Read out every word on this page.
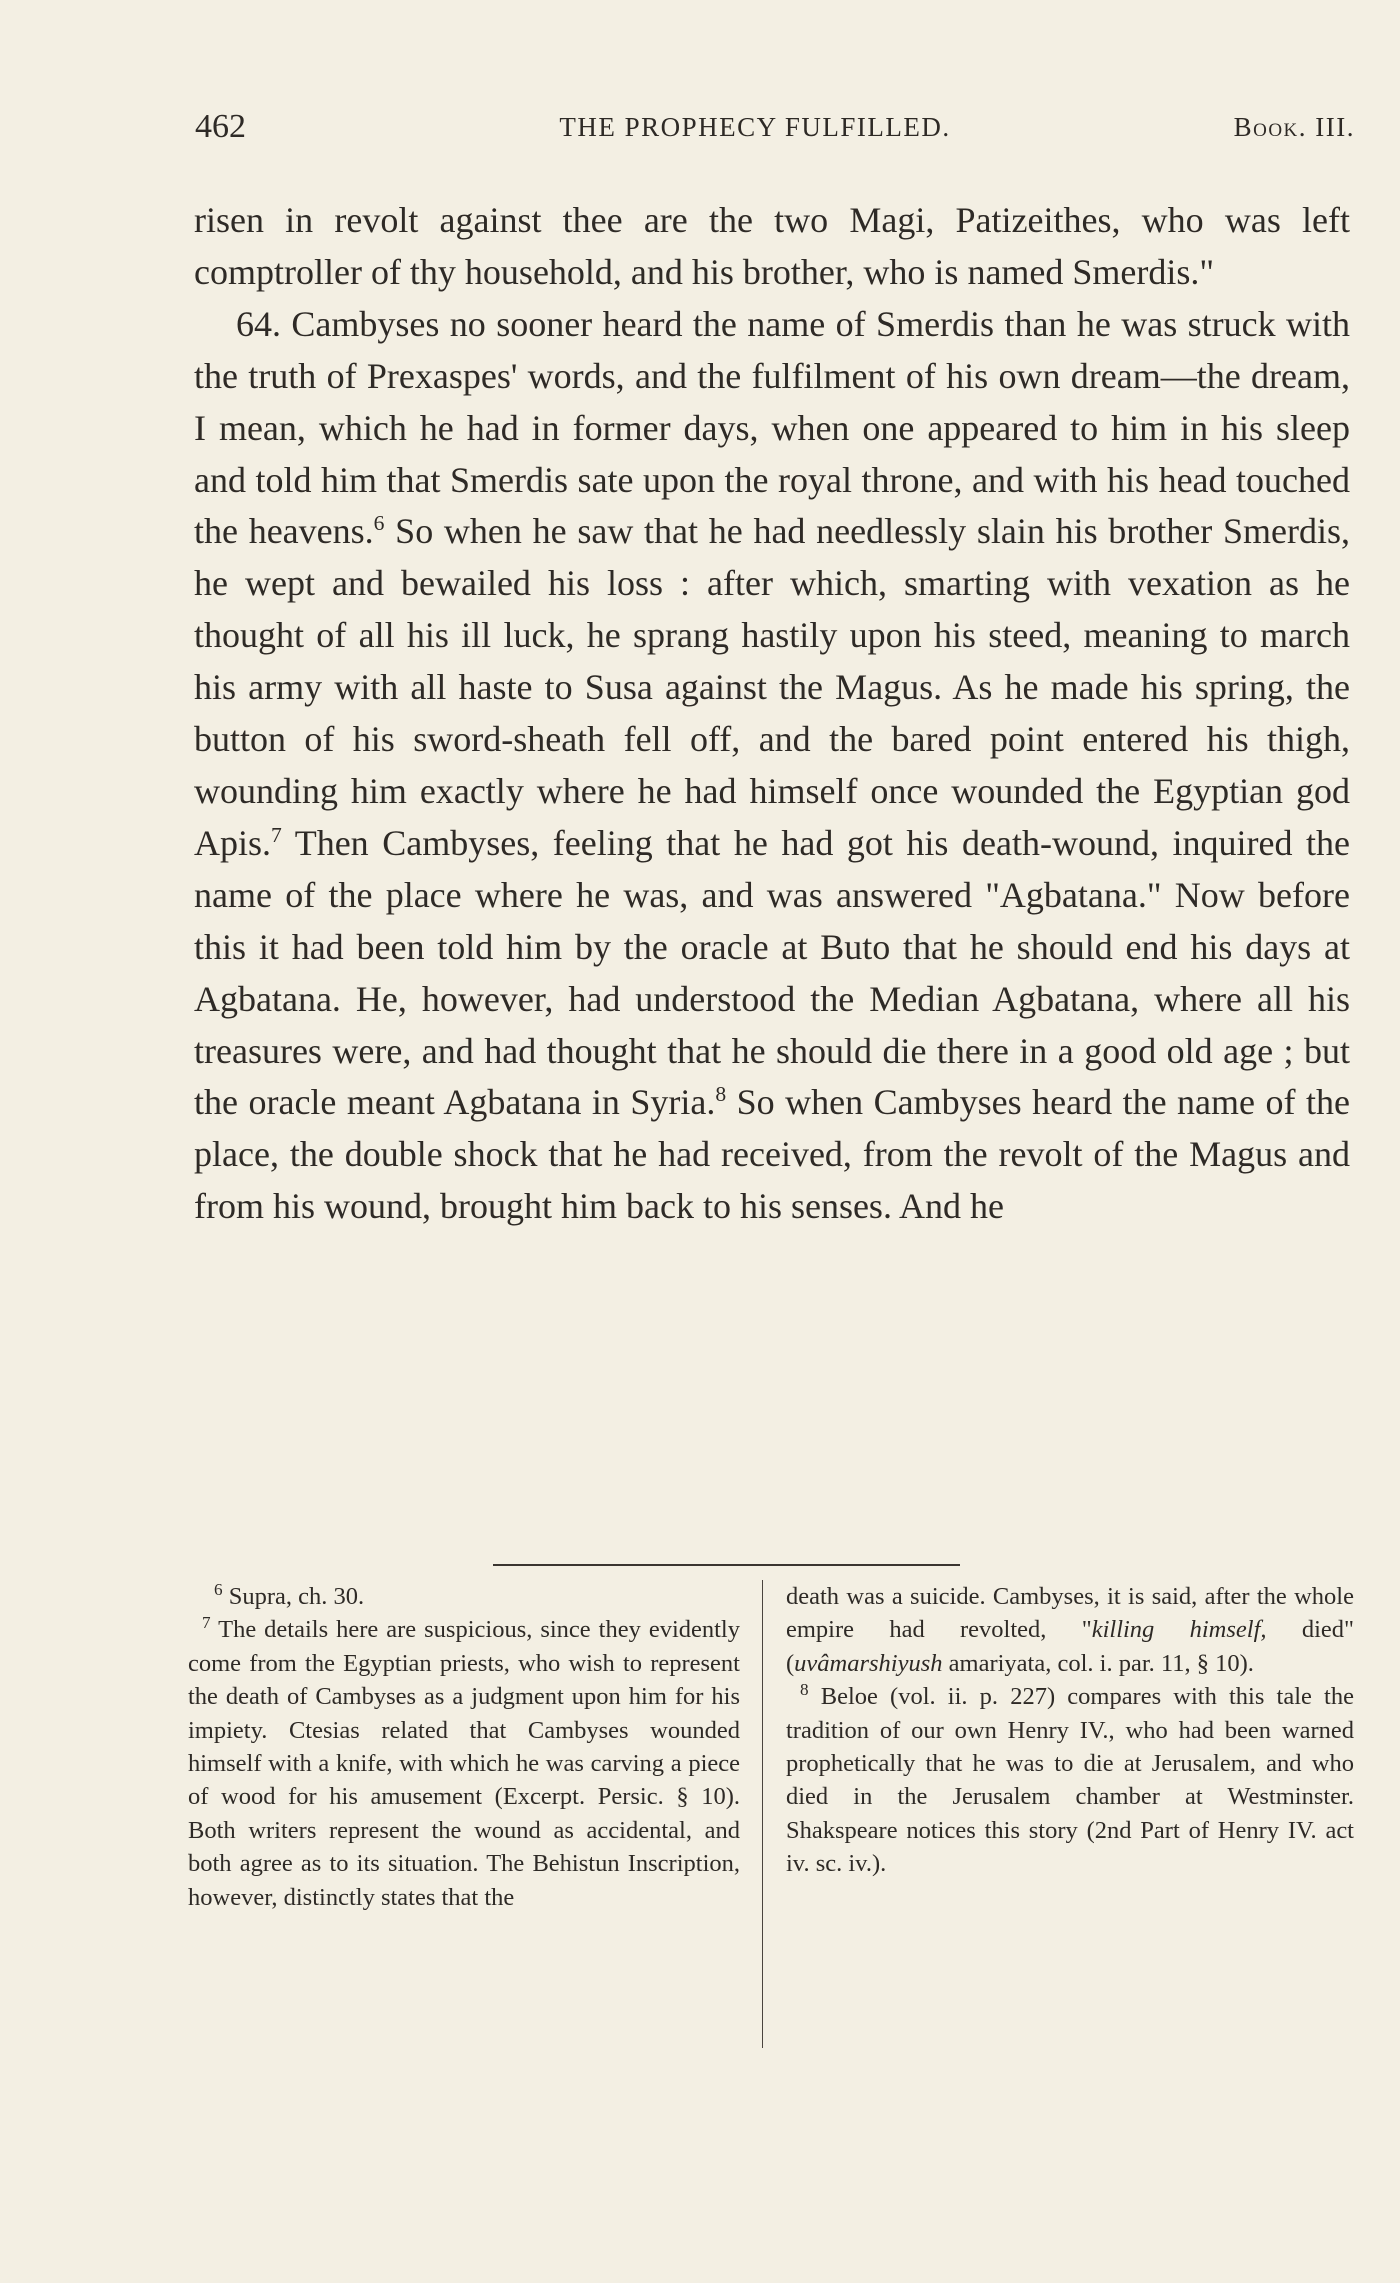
462	THE PROPHECY FULFILLED.	Book. III.

risen in revolt against thee are the two Magi, Patizeithes, who was left comptroller of thy household, and his brother, who is named Smerdis."

64. Cambyses no sooner heard the name of Smerdis than he was struck with the truth of Prexaspes' words, and the fulfilment of his own dream—the dream, I mean, which he had in former days, when one appeared to him in his sleep and told him that Smerdis sate upon the royal throne, and with his head touched the heavens.$^6$ So when he saw that he had needlessly slain his brother Smerdis, he wept and bewailed his loss : after which, smarting with vexation as he thought of all his ill luck, he sprang hastily upon his steed, meaning to march his army with all haste to Susa against the Magus. As he made his spring, the button of his sword-sheath fell off, and the bared point entered his thigh, wounding him exactly where he had himself once wounded the Egyptian god Apis.$^7$ Then Cambyses, feeling that he had got his death-wound, inquired the name of the place where he was, and was answered "Agbatana." Now before this it had been told him by the oracle at Buto that he should end his days at Agbatana. He, however, had understood the Median Agbatana, where all his treasures were, and had thought that he should die there in a good old age ; but the oracle meant Agbatana in Syria.$^8$ So when Cambyses heard the name of the place, the double shock that he had received, from the revolt of the Magus and from his wound, brought him back to his senses. And he

$^6$ Supra, ch. 30.

$^7$ The details here are suspicious, since they evidently come from the Egyptian priests, who wish to represent the death of Cambyses as a judgment upon him for his impiety. Ctesias related that Cambyses wounded himself with a knife, with which he was carving a piece of wood for his amusement (Excerpt. Persic. § 10). Both writers represent the wound as accidental, and both agree as to its situation. The Behistun Inscription, however, distinctly states that the

death was a suicide. Cambyses, it is said, after the whole empire had revolted, "killing himself, died" (uvâmarshiyush amariyata, col. i. par. 11, § 10).

$^8$ Beloe (vol. ii. p. 227) compares with this tale the tradition of our own Henry IV., who had been warned prophetically that he was to die at Jerusalem, and who died in the Jerusalem chamber at Westminster. Shakspeare notices this story (2nd Part of Henry IV. act iv. sc. iv.).
